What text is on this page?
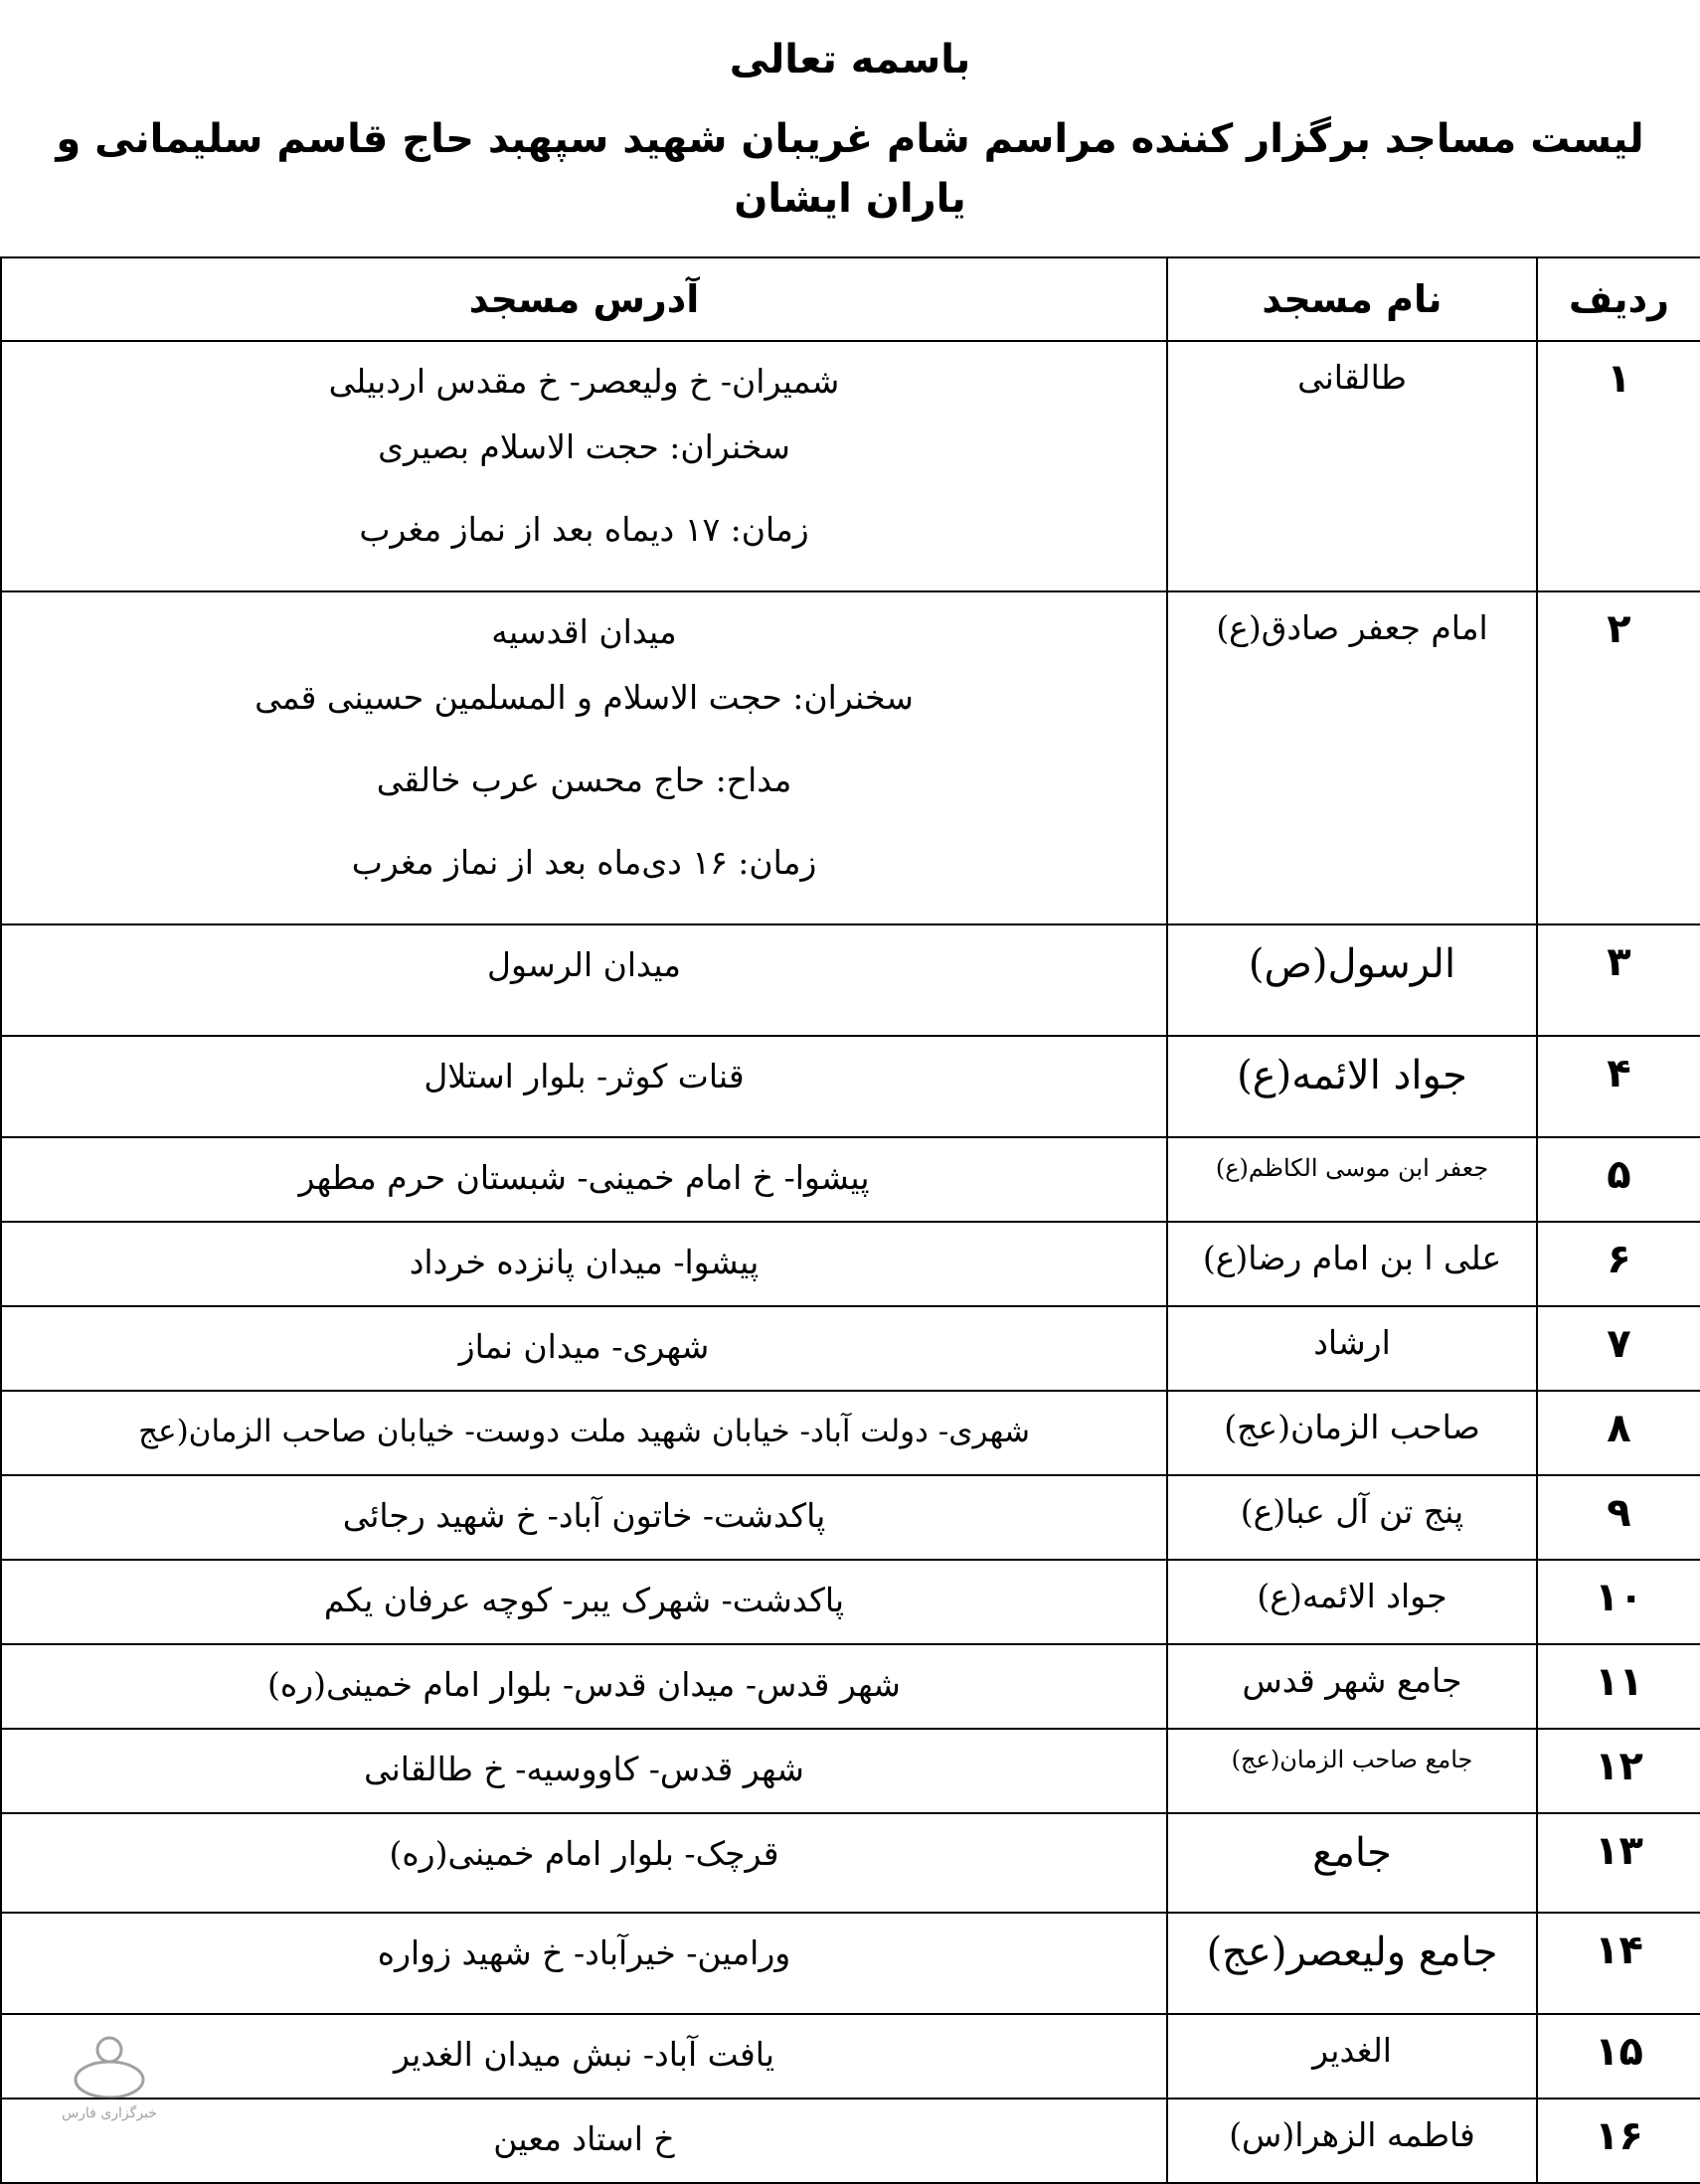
باسمه تعالی
لیست مساجد برگزار کننده مراسم شام غریبان شهید سپهبد حاج قاسم سلیمانی و یاران ایشان
ردیف	نام مسجد	آدرس مسجد
۱	طالقانی	شمیران- خ ولیعصر- خ مقدس اردبیلی
سخنران: حجت الاسلام بصیری
زمان: ۱۷ دیماه بعد از نماز مغرب

۲	امام جعفر صادق(ع)	میدان اقدسیه
سخنران: حجت الاسلام و المسلمین حسینی قمی
مداح: حاج محسن عرب خالقی
زمان: ۱۶ دی‌ماه بعد از نماز مغرب

۳	الرسول(ص)	میدان الرسول

۴	جواد الائمه(ع)	قنات کوثر- بلوار استلال

۵	جعفر ابن موسی الکاظم(ع)	پیشوا- خ امام خمینی- شبستان حرم مطهر

۶	علی ا بن امام رضا(ع)	پیشوا- میدان پانزده خرداد

۷	ارشاد	شهری- میدان نماز

۸	صاحب الزمان(عج)	شهری- دولت آباد- خیابان شهید ملت دوست- خیابان صاحب الزمان(عج

۹	پنج تن آل عبا(ع)	پاکدشت- خاتون آباد- خ شهید رجائی

۱۰	جواد الائمه(ع)	پاکدشت- شهرک یبر- کوچه عرفان یکم

۱۱	جامع شهر قدس	شهر قدس- میدان قدس- بلوار امام خمینی(ره)

۱۲	جامع صاحب الزمان(عج)	شهر قدس- کاووسیه- خ طالقانی

۱۳	جامع	قرچک- بلوار امام خمینی(ره)

۱۴	جامع ولیعصر(عج)	ورامین- خیرآباد- خ شهید زواره

۱۵	الغدیر	یافت آباد- نبش میدان الغدیر

۱۶	فاطمه الزهرا(س)	خ استاد معین
خبرگزاری فارس
